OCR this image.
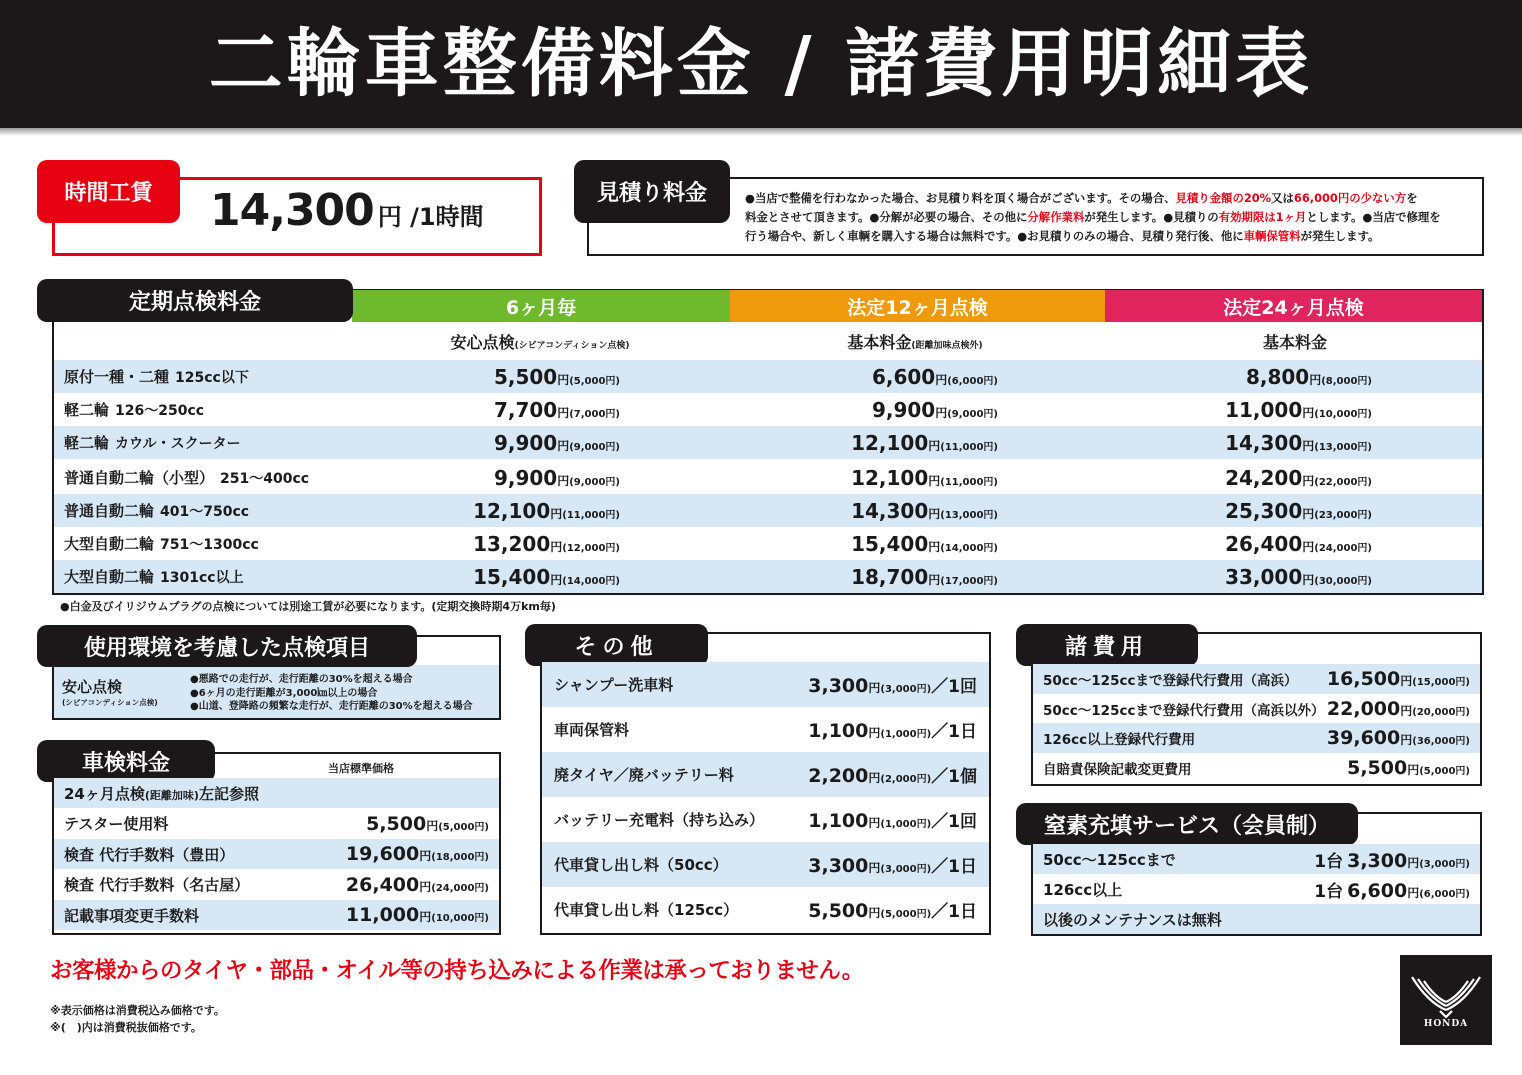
二輪車整備料金 / 諸費用明細表
時間工賃	14,300 円 /1時間
見積り料金	●当店で整備を行わなかった場合、お見積り料を頂く場合がございます。その場合、見積り金額の20%又は66,000円の少ない方を
料金とさせて頂きます。●分解が必要の場合、その他に分解作業料が発生します。●見積りの有効期限は1ヶ月とします。●当店で修理を
行う場合や、新しく車輌を購入する場合は無料です。●お見積りのみの場合、見積り発行後、他に車輌保管料が発生します。
6ヶ月毎	法定12ヶ月点検	法定24ヶ月点検
定期点検料金
安心点検(シビアコンディション点検)	基本料金(距離加味点検外)	基本料金
原付一種・二種 125cc以下	5,500円(5,000円)	6,600円(6,000円)	8,800円(8,000円)
軽二輪 126〜250cc	7,700円(7,000円)	9,900円(9,000円)	11,000円(10,000円)
軽二輪 カウル・スクーター	9,900円(9,000円)	12,100円(11,000円)	14,300円(13,000円)
普通自動二輪（小型） 251〜400cc	9,900円(9,000円)	12,100円(11,000円)	24,200円(22,000円)
普通自動二輪 401〜750cc	12,100円(11,000円)	14,300円(13,000円)	25,300円(23,000円)
大型自動二輪 751〜1300cc	13,200円(12,000円)	15,400円(14,000円)	26,400円(24,000円)
大型自動二輪 1301cc以上	15,400円(14,000円)	18,700円(17,000円)	33,000円(30,000円)
●白金及びイリジウムプラグの点検については別途工賃が必要になります。(定期交換時期4万km毎)
使用環境を考慮した点検項目
安心点検
(シビアコンディション点検)
●悪路での走行が、走行距離の30%を超える場合
●6ヶ月の走行距離が3,000㎞以上の場合
●山道、登降路の頻繁な走行が、走行距離の30%を超える場合
車検料金	当店標準価格
24ヶ月点検(距離加味)左記参照
テスター使用料	5,500円(5,000円)
検査 代行手数料（豊田）	19,600円(18,000円)
検査 代行手数料（名古屋）	26,400円(24,000円)
記載事項変更手数料	11,000円(10,000円)
その他
シャンプー洗車料	3,300円(3,000円)／1回
車両保管料	1,100円(1,000円)／1日
廃タイヤ／廃バッテリー料	2,200円(2,000円)／1個
バッテリー充電料（持ち込み） 1,100円(1,000円)／1回
代車貸し出し料（50cc）	3,300円(3,000円)／1日
代車貸し出し料（125cc）	5,500円(5,000円)／1日
諸費用
50cc〜125ccまで登録代行費用（高浜） 16,500円(15,000円)
50cc〜125ccまで登録代行費用（高浜以外） 22,000円(20,000円)
126cc以上登録代行費用	39,600円(36,000円)
自賠責保険記載変更費用	5,500円(5,000円)
窒素充填サービス（会員制）
50cc〜125ccまで	1台 3,300円(3,000円)
126cc以上	1台 6,600円(6,000円)
以後のメンテナンスは無料
お客様からのタイヤ・部品・オイル等の持ち込みによる作業は承っておりません。
※表示価格は消費税込み価格です。
※(　)内は消費税抜価格です。	HONDA
